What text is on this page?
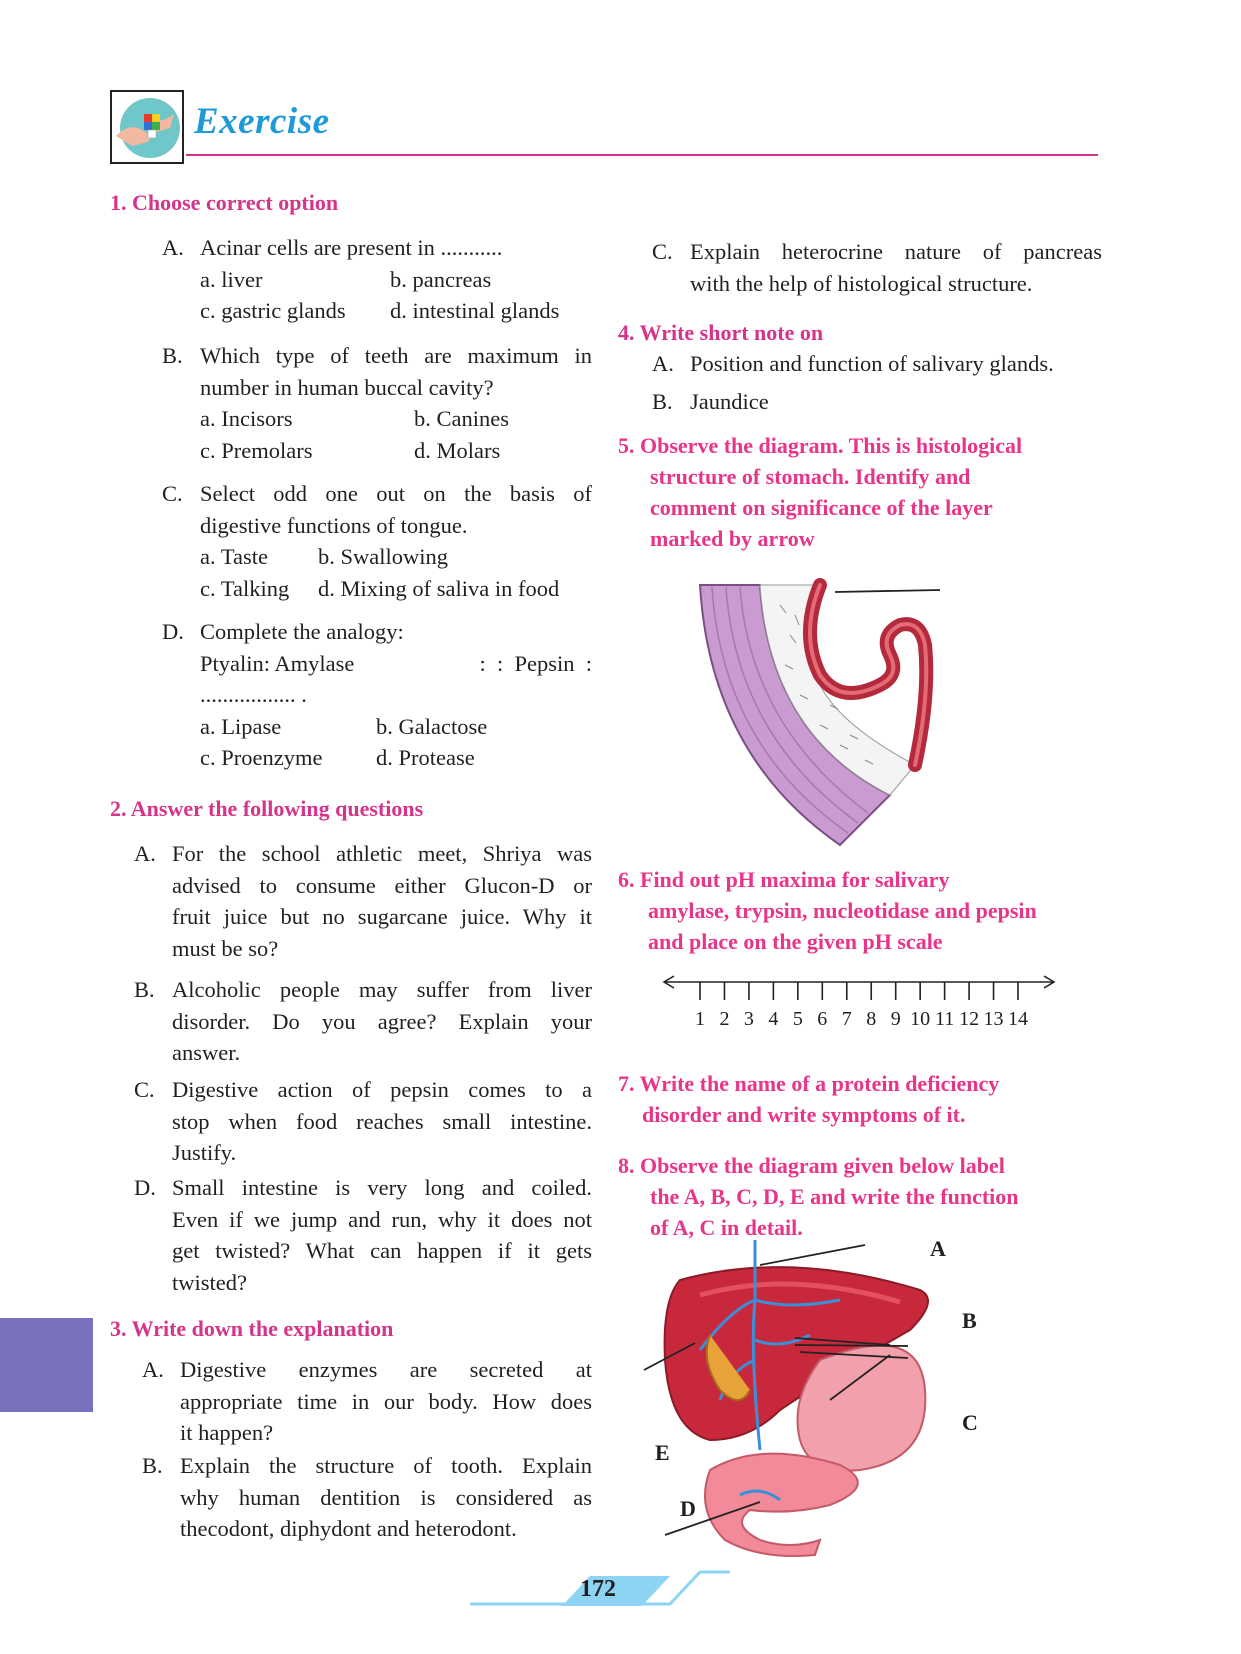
Exercise
1. Choose correct option
A. Acinar cells are present in ...........
a. liver	b. pancreas
c. gastric glands d. intestinal glands
B. Which type of teeth are maximum in
number in human buccal cavity?
a. Incisors	b. Canines
c. Premolars	d. Molars
C. Select odd one out on the basis of
digestive functions of tongue.
a. Taste b. Swallowing
c. Talking d. Mixing of saliva in food
D. Complete the analogy:
Ptyalin: Amylase	:  :  Pepsin  :
................. .
a. Lipase	b. Galactose
c. Proenzyme d. Protease
2. Answer the following questions
A. For the school athletic meet, Shriya was
advised to consume either Glucon-D or
fruit juice but no sugarcane juice. Why it
must be so?
B. Alcoholic people may suffer from liver
disorder. Do you agree? Explain your
answer.
C. Digestive action of pepsin comes to a
stop when food reaches small intestine.
Justify.
D. Small intestine is very long and coiled.
Even if we jump and run, why it does not
get twisted? What can happen if it gets
twisted?
3. Write down the explanation
A. Digestive enzymes are secreted at
appropriate time in our body. How does
it happen?
B. Explain the structure of tooth. Explain
why human dentition is considered as
thecodont, diphydont and heterodont.
C. Explain heterocrine nature of pancreas
with the help of histological structure.
4. Write short note on
A. Position and function of salivary glands.
B. Jaundice
5. Observe the diagram. This is histological
structure of stomach. Identify and
comment on significance of the layer
marked by arrow
6. Find out pH maxima for salivary
amylase, trypsin, nucleotidase and pepsin
and place on the given pH scale
1 2 3 4 5 6 7 8 9 10 11 12 13 14
7. Write the name of a protein deficiency
disorder and write symptoms of it.
8. Observe the diagram given below label
the A, B, C, D, E and write the function
of A, C in detail.
A
B
C
D
E
172
